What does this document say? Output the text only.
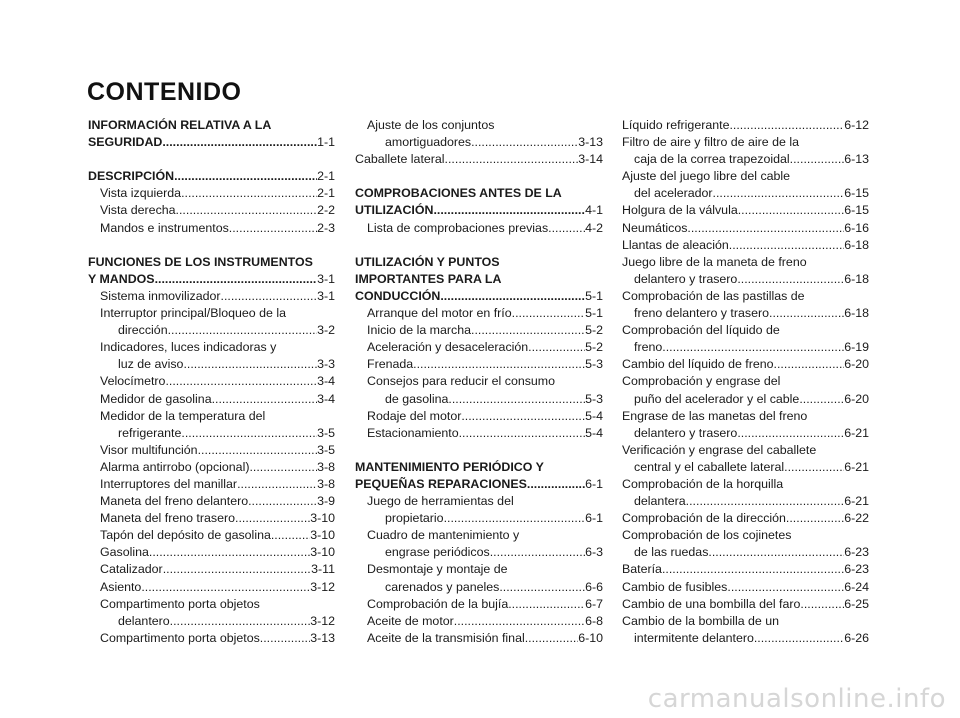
CONTENIDO
INFORMACIÓN RELATIVA A LA
SEGURIDAD .....	1-1
DESCRIPCIÓN .....	2-1
Vista izquierda .....	2-1
Vista derecha .....	2-2
Mandos e instrumentos .....	2-3
FUNCIONES DE LOS INSTRUMENTOS
Y MANDOS .....	3-1
Sistema inmovilizador .....	3-1
Interruptor principal/Bloqueo de la
dirección .....	3-2
Indicadores, luces indicadoras y
luz de aviso .....	3-3
Velocímetro .....	3-4
Medidor de gasolina .....	3-4
Medidor de la temperatura del
refrigerante .....	3-5
Visor multifunción .....	3-5
Alarma antirrobo (opcional) .....	3-8
Interruptores del manillar .....	3-8
Maneta del freno delantero .....	3-9
Maneta del freno trasero .....	3-10
Tapón del depósito de gasolina .....	3-10
Gasolina .....	3-10
Catalizador .....	3-11
Asiento .....	3-12
Compartimento porta objetos
delantero .....	3-12
Compartimento porta objetos .....	3-13
Ajuste de los conjuntos
amortiguadores .....	3-13
Caballete lateral .....	3-14
COMPROBACIONES ANTES DE LA
UTILIZACIÓN .....	4-1
Lista de comprobaciones previas .....	4-2
UTILIZACIÓN Y PUNTOS
IMPORTANTES PARA LA
CONDUCCIÓN .....	5-1
Arranque del motor en frío .....	5-1
Inicio de la marcha .....	5-2
Aceleración y desaceleración .....	5-2
Frenada .....	5-3
Consejos para reducir el consumo
de gasolina .....	5-3
Rodaje del motor .....	5-4
Estacionamiento .....	5-4
MANTENIMIENTO PERIÓDICO Y
PEQUEÑAS REPARACIONES .....	6-1
Juego de herramientas del
propietario .....	6-1
Cuadro de mantenimiento y
engrase periódicos .....	6-3
Desmontaje y montaje de
carenados y paneles .....	6-6
Comprobación de la bujía .....	6-7
Aceite de motor .....	6-8
Aceite de la transmisión final .....	6-10
Líquido refrigerante .....	6-12
Filtro de aire y filtro de aire de la
caja de la correa trapezoidal .....	6-13
Ajuste del juego libre del cable
del acelerador .....	6-15
Holgura de la válvula .....	6-15
Neumáticos .....	6-16
Llantas de aleación .....	6-18
Juego libre de la maneta de freno
delantero y trasero .....	6-18
Comprobación de las pastillas de
freno delantero y trasero .....	6-18
Comprobación del líquido de
freno .....	6-19
Cambio del líquido de freno .....	6-20
Comprobación y engrase del
puño del acelerador y el cable .....	6-20
Engrase de las manetas del freno
delantero y trasero .....	6-21
Verificación y engrase del caballete
central y el caballete lateral .....	6-21
Comprobación de la horquilla
delantera .....	6-21
Comprobación de la dirección .....	6-22
Comprobación de los cojinetes
de las ruedas .....	6-23
Batería .....	6-23
Cambio de fusibles .....	6-24
Cambio de una bombilla del faro .....	6-25
Cambio de la bombilla de un
intermitente delantero .....	6-26
carmanualsonline.info
